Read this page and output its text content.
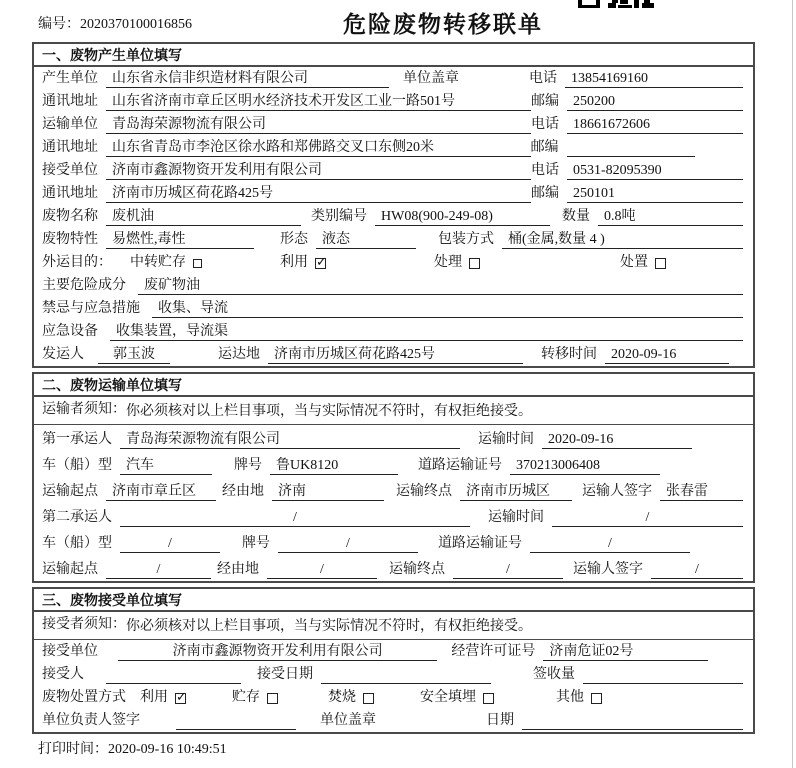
编号：2020370100016856	危险废物转移联单
一、废物产生单位填写
产生单位	山东省永信非织造材料有限公司	单位盖章	电话	13854169160
通讯地址	山东省济南市章丘区明水经济技术开发区工业一路501号	邮编	250200
运输单位	青岛海荣源物流有限公司	电话	18661672606
通讯地址	山东省青岛市李沧区徐水路和郑佛路交叉口东侧20米	邮编
接受单位	济南市鑫源物资开发利用有限公司	电话	0531-82095390
通讯地址	济南市历城区荷花路425号	邮编	250101
废物名称	废机油	类别编号	HW08(900-249-08)	数量	0.8吨
废物特性	易燃性,毒性	形态	液态	包装方式	桶(金属,数量 4 )
外运目的： 中转贮存	利用 ✓	处理	处置
主要危险成分	废矿物油
禁忌与应急措施	收集、导流
应急设备	收集装置，导流渠
发运人	郭玉波	运达地	济南市历城区荷花路425号	转移时间	2020-09-16
二、废物运输单位填写
运输者须知： 你必须核对以上栏目事项，当与实际情况不符时，有权拒绝接受。
第一承运人	青岛海荣源物流有限公司	运输时间	2020-09-16
车（船）型	汽车	牌号	鲁UK8120	道路运输证号	370213006408
运输起点	济南市章丘区	经由地	济南	运输终点	济南市历城区	运输人签字	张春雷
第二承运人	/	运输时间	/
车（船）型	/	牌号	/	道路运输证号	/
运输起点	/	经由地	/	运输终点	/	运输人签字	/
三、废物接受单位填写
接受者须知： 你必须核对以上栏目事项，当与实际情况不符时，有权拒绝接受。
接受单位	济南市鑫源物资开发利用有限公司	经营许可证号	济南危证02号
接受人	接受日期	签收量
废物处置方式 利用 ✓	贮存	焚烧	安全填埋	其他
单位负责人签字	单位盖章	日期
打印时间：2020-09-16 10:49:51
